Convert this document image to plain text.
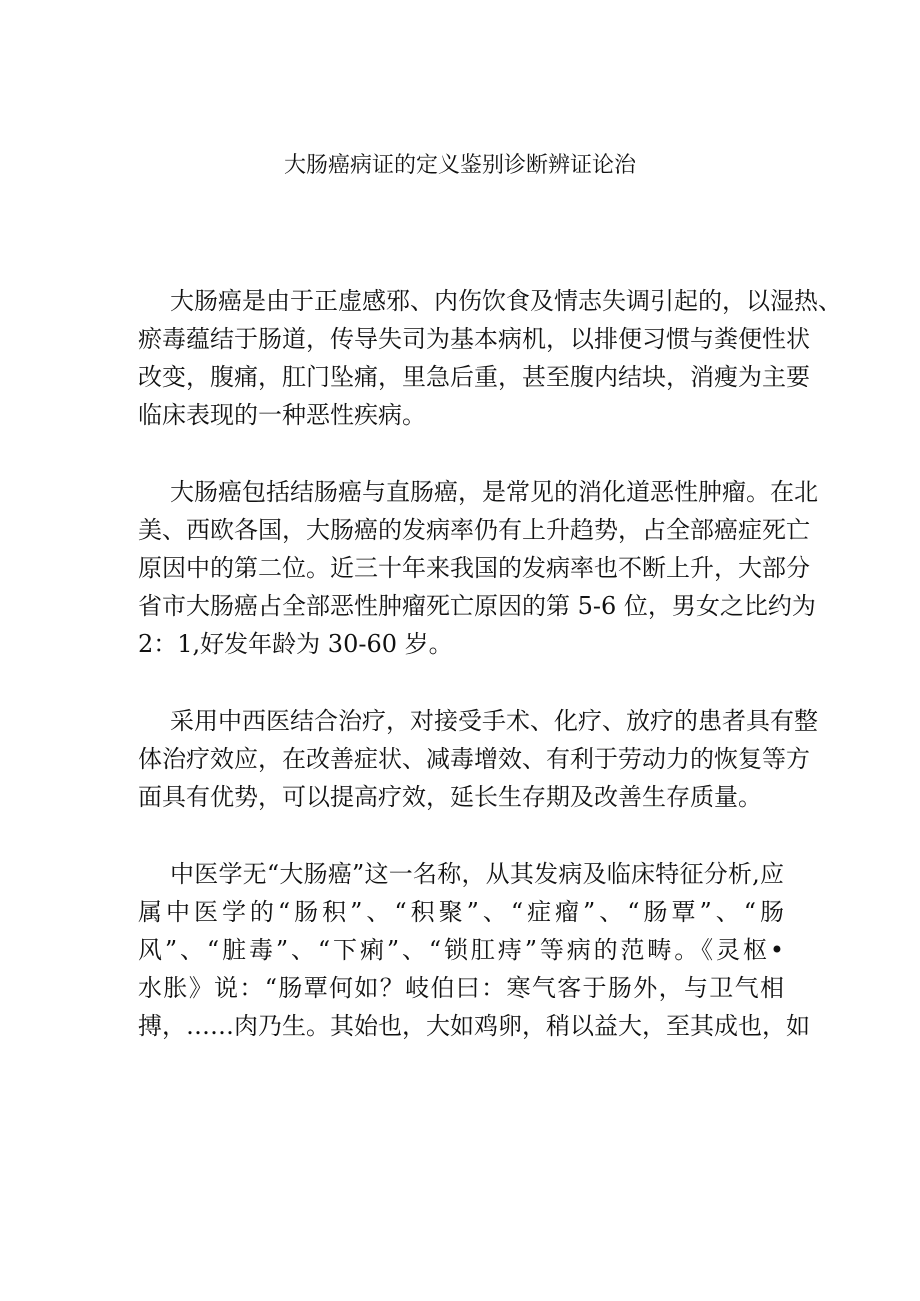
大肠癌病证的定义鉴别诊断辨证论治

大肠癌是由于正虚感邪、内伤饮食及情志失调引起的，以湿热、
瘀毒蕴结于肠道，传导失司为基本病机，以排便习惯与粪便性状
改变，腹痛，肛门坠痛，里急后重，甚至腹内结块，消瘦为主要
临床表现的一种恶性疾病。

大肠癌包括结肠癌与直肠癌，是常见的消化道恶性肿瘤。在北
美、西欧各国，大肠癌的发病率仍有上升趋势，占全部癌症死亡
原因中的第二位。近三十年来我国的发病率也不断上升，大部分
省市大肠癌占全部恶性肿瘤死亡原因的第 5-6 位，男女之比约为
2：1,好发年龄为 30-60 岁。

采用中西医结合治疗，对接受手术、化疗、放疗的患者具有整
体治疗效应，在改善症状、减毒增效、有利于劳动力的恢复等方
面具有优势，可以提高疗效，延长生存期及改善生存质量。

中医学无“大肠癌”这一名称，从其发病及临床特征分析,应
属中医学的“肠积”、“积聚”、“症瘤”、“肠覃”、“肠
风”、“脏毒”、“下痢”、“锁肛痔”等病的范畴。《灵枢•
水胀》说：“肠覃何如？岐伯曰：寒气客于肠外，与卫气相
搏，……肉乃生。其始也，大如鸡卵，稍以益大，至其成也，如
